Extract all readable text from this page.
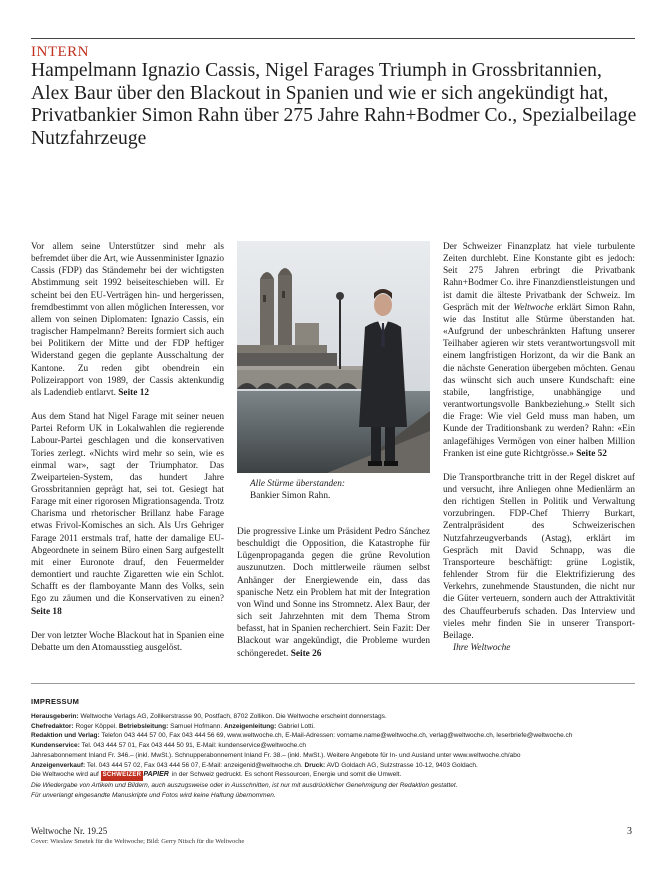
INTERN
Hampelmann Ignazio Cassis, Nigel Farages Triumph in Grossbritannien, Alex Baur über den Blackout in Spanien und wie er sich angekündigt hat, Privatbankier Simon Rahn über 275 Jahre Rahn+Bodmer Co., Spezialbeilage Nutzfahrzeuge

Vor allem seine Unterstützer sind mehr als befremdet über die Art, wie Aussenminister Ignazio Cassis (FDP) das Ständemehr bei der wichtigsten Abstimmung seit 1992 beiseiteschieben will. Er scheint bei den EU-Verträgen hin- und hergerissen, fremdbestimmt von allen möglichen Interessen, vor allem von seinen Diplomaten: Ignazio Cassis, ein tragischer Hampelmann? Bereits formiert sich auch bei Politikern der Mitte und der FDP heftiger Widerstand gegen die geplante Ausschaltung der Kantone. Zu reden gibt obendrein ein Polizeirapport von 1989, der Cassis aktenkundig als Ladendieb entlarvt. Seite 12

Aus dem Stand hat Nigel Farage mit seiner neuen Partei Reform UK in Lokalwahlen die regierende Labour-Partei geschlagen und die konservativen Tories zerlegt. «Nichts wird mehr so sein, wie es einmal war», sagt der Triumphator. Das Zweiparteien-System, das hundert Jahre Grossbritannien geprägt hat, sei tot. Gesiegt hat Farage mit einer rigorosen Migrationsagenda. Trotz Charisma und rhetorischer Brillanz habe Farage etwas Frivol-Komisches an sich. Als Urs Gehriger Farage 2011 erstmals traf, hatte der damalige EU-Abgeordnete in seinem Büro einen Sarg aufgestellt mit einer Euronote drauf, den Feuermelder demontiert und rauchte Zigaretten wie ein Schlot. Schafft es der flamboyante Mann des Volks, sein Ego zu zäumen und die Konservativen zu einen? Seite 18

Der von letzter Woche Blackout hat in Spanien eine Debatte um den Atomausstieg ausgelöst.

Alle Stürme überstanden:
Bankier Simon Rahn.

Die progressive Linke um Präsident Pedro Sánchez beschuldigt die Opposition, die Katastrophe für Lügenpropaganda gegen die grüne Revolution auszunutzen. Doch mittlerweile räumen selbst Anhänger der Energiewende ein, dass das spanische Netz ein Problem hat mit der Integration von Wind und Sonne ins Stromnetz. Alex Baur, der sich seit Jahrzehnten mit dem Thema Strom befasst, hat in Spanien recherchiert. Sein Fazit: Der Blackout war angekündigt, die Probleme wurden schöngeredet. Seite 26

Der Schweizer Finanzplatz hat viele turbulente Zeiten durchlebt. Eine Konstante gibt es jedoch: Seit 275 Jahren erbringt die Privatbank Rahn+Bodmer Co. ihre Finanzdienstleistungen und ist damit die älteste Privatbank der Schweiz. Im Gespräch mit der Weltwoche erklärt Simon Rahn, wie das Institut alle Stürme überstanden hat. «Aufgrund der unbeschränkten Haftung unserer Teilhaber agieren wir stets verantwortungsvoll mit einem langfristigen Horizont, da wir die Bank an die nächste Generation übergeben möchten. Genau das wünscht sich auch unsere Kundschaft: eine stabile, langfristige, unabhängige und verantwortungsvolle Bankbeziehung.» Stellt sich die Frage: Wie viel Geld muss man haben, um Kunde der Traditionsbank zu werden? Rahn: «Ein anlagefähiges Vermögen von einer halben Million Franken ist eine gute Richtgrösse.» Seite 52

Die Transportbranche tritt in der Regel diskret auf und versucht, ihre Anliegen ohne Medienlärm an den richtigen Stellen in Politik und Verwaltung vorzubringen. FDP-Chef Thierry Burkart, Zentralpräsident des Schweizerischen Nutzfahrzeugverbands (Astag), erklärt im Gespräch mit David Schnapp, was die Transporteure beschäftigt: grüne Logistik, fehlender Strom für die Elektrifizierung des Verkehrs, zunehmende Staustunden, die nicht nur die Güter verteuern, sondern auch der Attraktivität des Chauffeurberufs schaden. Das Interview und vieles mehr finden Sie in unserer Transport-Beilage.
Ihre Weltwoche

IMPRESSUM
Herausgeberin: Weltwoche Verlags AG, Zollikerstrasse 90, Postfach, 8702 Zollikon. Die Weltwoche erscheint donnerstags.
Chefredaktor: Roger Köppel. Betriebsleitung: Samuel Hofmann. Anzeigenleitung: Gabriel Lotti.
Redaktion und Verlag: Telefon 043 444 57 00, Fax 043 444 56 69, www.weltwoche.ch, E-Mail-Adressen: vorname.name@weltwoche.ch, verlag@weltwoche.ch, leserbriefe@weltwoche.ch
Kundenservice: Tel. 043 444 57 01, Fax 043 444 50 91, E-Mail: kundenservice@weltwoche.ch
Jahresabonnement Inland Fr. 346.– (inkl. MwSt.). Schnupperabonnement Inland Fr. 38.– (inkl. MwSt.). Weitere Angebote für In- und Ausland unter www.weltwoche.ch/abo
Anzeigenverkauf: Tel. 043 444 57 02, Fax 043 444 56 07, E-Mail: anzeigenid@weltwoche.ch. Druck: AVD Goldach AG, Sulzstrasse 10-12, 9403 Goldach.
Die Weltwoche wird auf SCHWEIZER PAPIER in der Schweiz gedruckt. Es schont Ressourcen, Energie und somit die Umwelt.
Die Wiedergabe von Artikeln und Bildern, auch auszugsweise oder in Ausschnitten, ist nur mit ausdrücklicher Genehmigung der Redaktion gestattet.
Für unverlangt eingesandte Manuskripte und Fotos wird keine Haftung übernommen.
Weltwoche Nr. 19.25
Cover: Wieslaw Smetek für die Weltwoche; Bild: Gerry Nitsch für die Weltwoche
3
